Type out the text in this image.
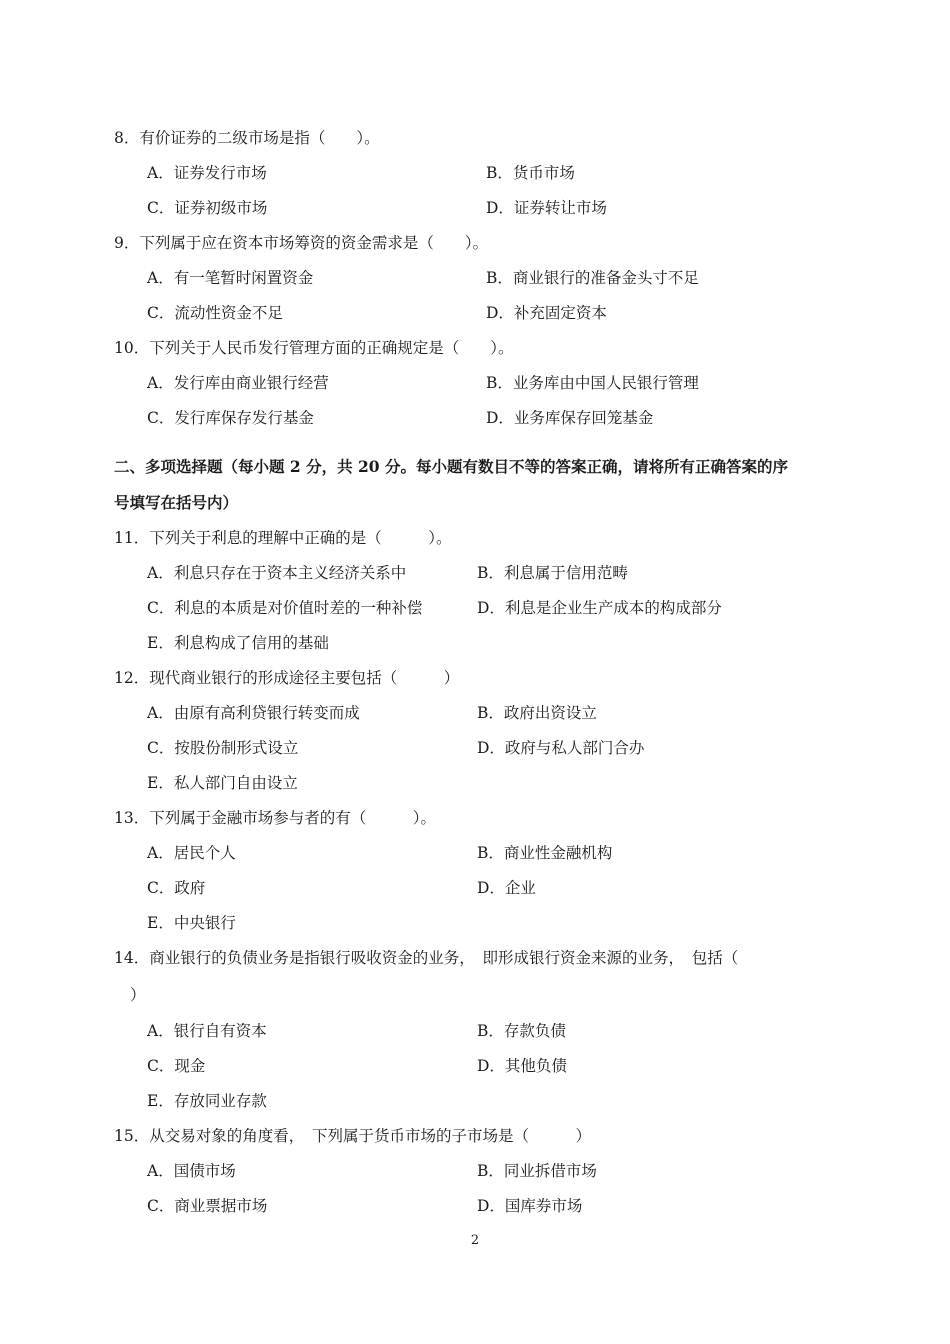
8．有价证券的二级市场是指（　　）。
A．证券发行市场	B．货币市场
C．证券初级市场	D．证券转让市场
9．下列属于应在资本市场筹资的资金需求是（　　）。
A．有一笔暂时闲置资金	B．商业银行的准备金头寸不足
C．流动性资金不足	D．补充固定资本
10．下列关于人民币发行管理方面的正确规定是（　　）。
A．发行库由商业银行经营	B．业务库由中国人民银行管理
C．发行库保存发行基金	D．业务库保存回笼基金
二、多项选择题（每小题 2 分，共 20 分。每小题有数目不等的答案正确，请将所有正确答案的序
号填写在括号内）
11．下列关于利息的理解中正确的是（　　　）。
A．利息只存在于资本主义经济关系中	B．利息属于信用范畴
C．利息的本质是对价值时差的一种补偿	D．利息是企业生产成本的构成部分
E．利息构成了信用的基础
12．现代商业银行的形成途径主要包括（　　　）
A．由原有高利贷银行转变而成	B．政府出资设立
C．按股份制形式设立	D．政府与私人部门合办
E．私人部门自由设立
13．下列属于金融市场参与者的有（　　　）。
A．居民个人	B．商业性金融机构
C．政府	D．企业
E．中央银行
14．商业银行的负债业务是指银行吸收资金的业务，　即形成银行资金来源的业务，　包括（
）
A．银行自有资本	B．存款负债
C．现金	D．其他负债
E．存放同业存款
15．从交易对象的角度看，　下列属于货币市场的子市场是（　　　）
A．国债市场	B．同业拆借市场
C．商业票据市场	D．国库券市场
2
